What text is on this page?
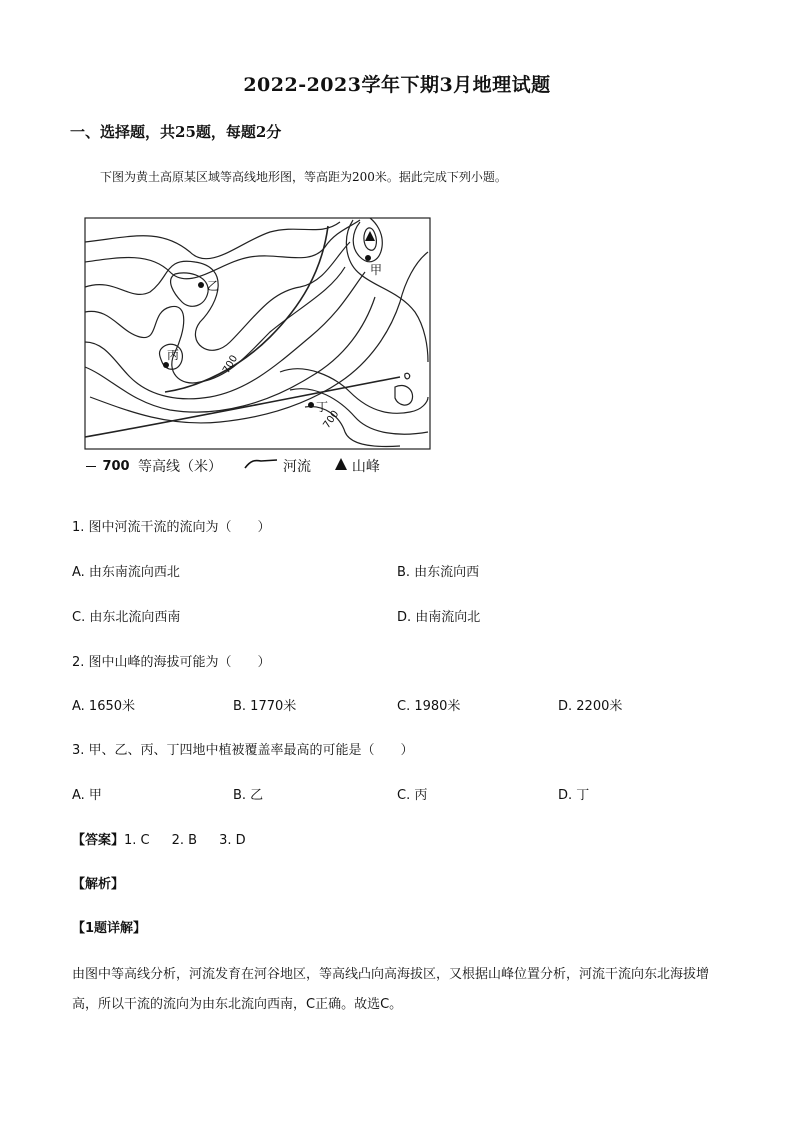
2022-2023学年下期3月地理试题
一、选择题，共25题，每题2分
下图为黄土高原某区域等高线地形图，等高距为200米。据此完成下列小题。
甲
乙
丙
丁
700
700
700 等高线（米）	河流	山峰
1. 图中河流干流的流向为（　　）
A. 由东南流向西北	B. 由东流向西
C. 由东北流向西南	D. 由南流向北
2. 图中山峰的海拔可能为（　　）
A. 1650米	B. 1770米	C. 1980米	D. 2200米
3. 甲、乙、丙、丁四地中植被覆盖率最高的可能是（　　）
A. 甲	B. 乙	C. 丙	D. 丁
【答案】1. C 2. B 3. D
【解析】
【1题详解】
由图中等高线分析，河流发育在河谷地区，等高线凸向高海拔区，又根据山峰位置分析，河流干流向东北海拔增高，所以干流的流向为由东北流向西南，C正确。故选C。
